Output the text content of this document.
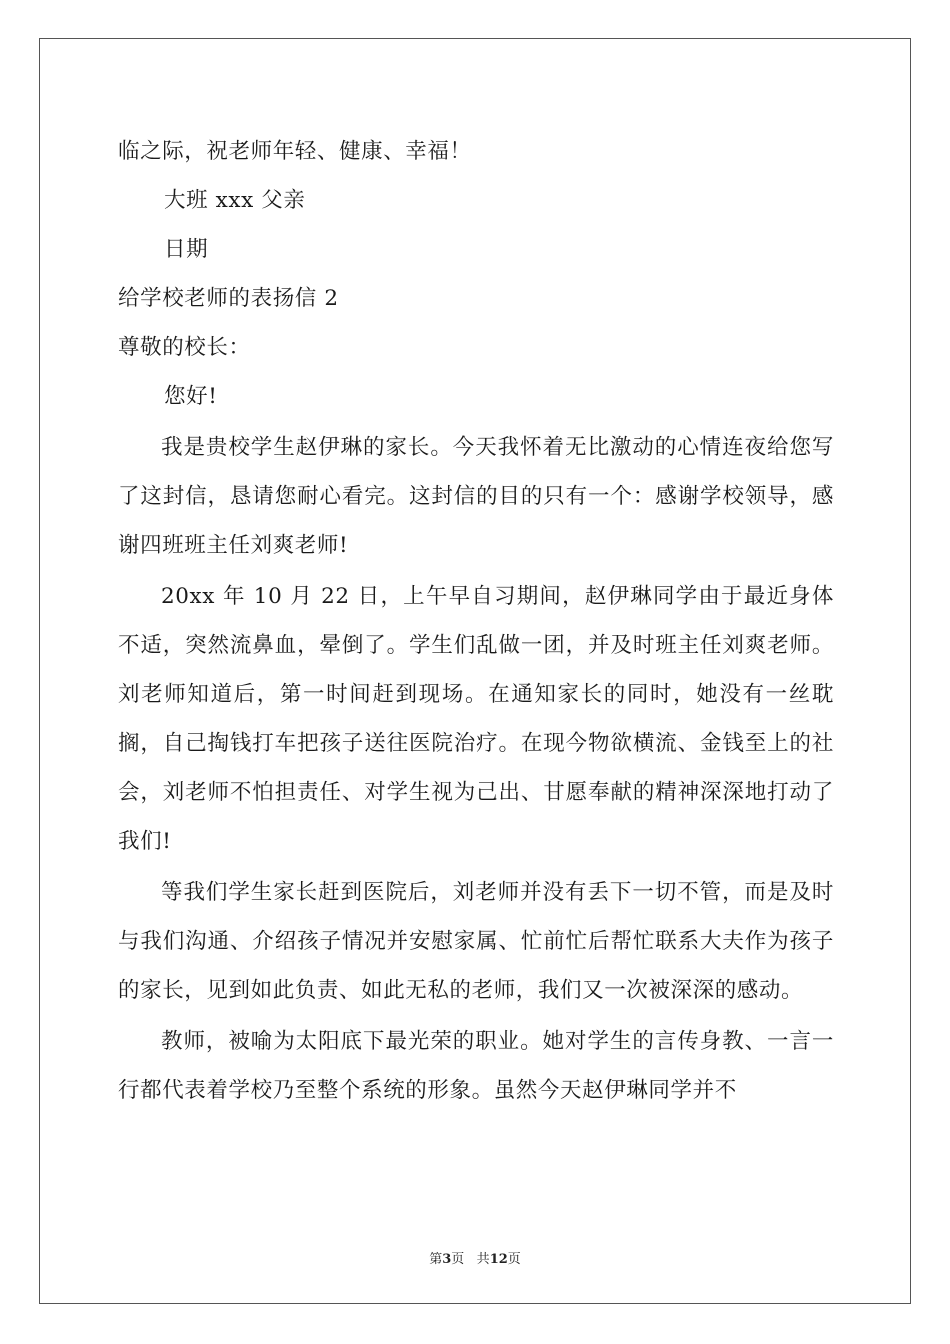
临之际，祝老师年轻、健康、幸福！
大班 xxx 父亲
日期
给学校老师的表扬信 2
尊敬的校长：
您好!
我是贵校学生赵伊琳的家长。今天我怀着无比激动的心情连夜给您写了这封信，恳请您耐心看完。这封信的目的只有一个：感谢学校领导，感谢四班班主任刘爽老师!
20xx 年 10 月 22 日，上午早自习期间，赵伊琳同学由于最近身体不适，突然流鼻血，晕倒了。学生们乱做一团，并及时班主任刘爽老师。刘老师知道后，第一时间赶到现场。在通知家长的同时，她没有一丝耽搁，自己掏钱打车把孩子送往医院治疗。在现今物欲横流、金钱至上的社会，刘老师不怕担责任、对学生视为己出、甘愿奉献的精神深深地打动了我们!
等我们学生家长赶到医院后，刘老师并没有丢下一切不管，而是及时与我们沟通、介绍孩子情况并安慰家属、忙前忙后帮忙联系大夫作为孩子的家长，见到如此负责、如此无私的老师，我们又一次被深深的感动。
教师，被喻为太阳底下最光荣的职业。她对学生的言传身教、一言一行都代表着学校乃至整个系统的形象。虽然今天赵伊琳同学并不
第3页 共12页
